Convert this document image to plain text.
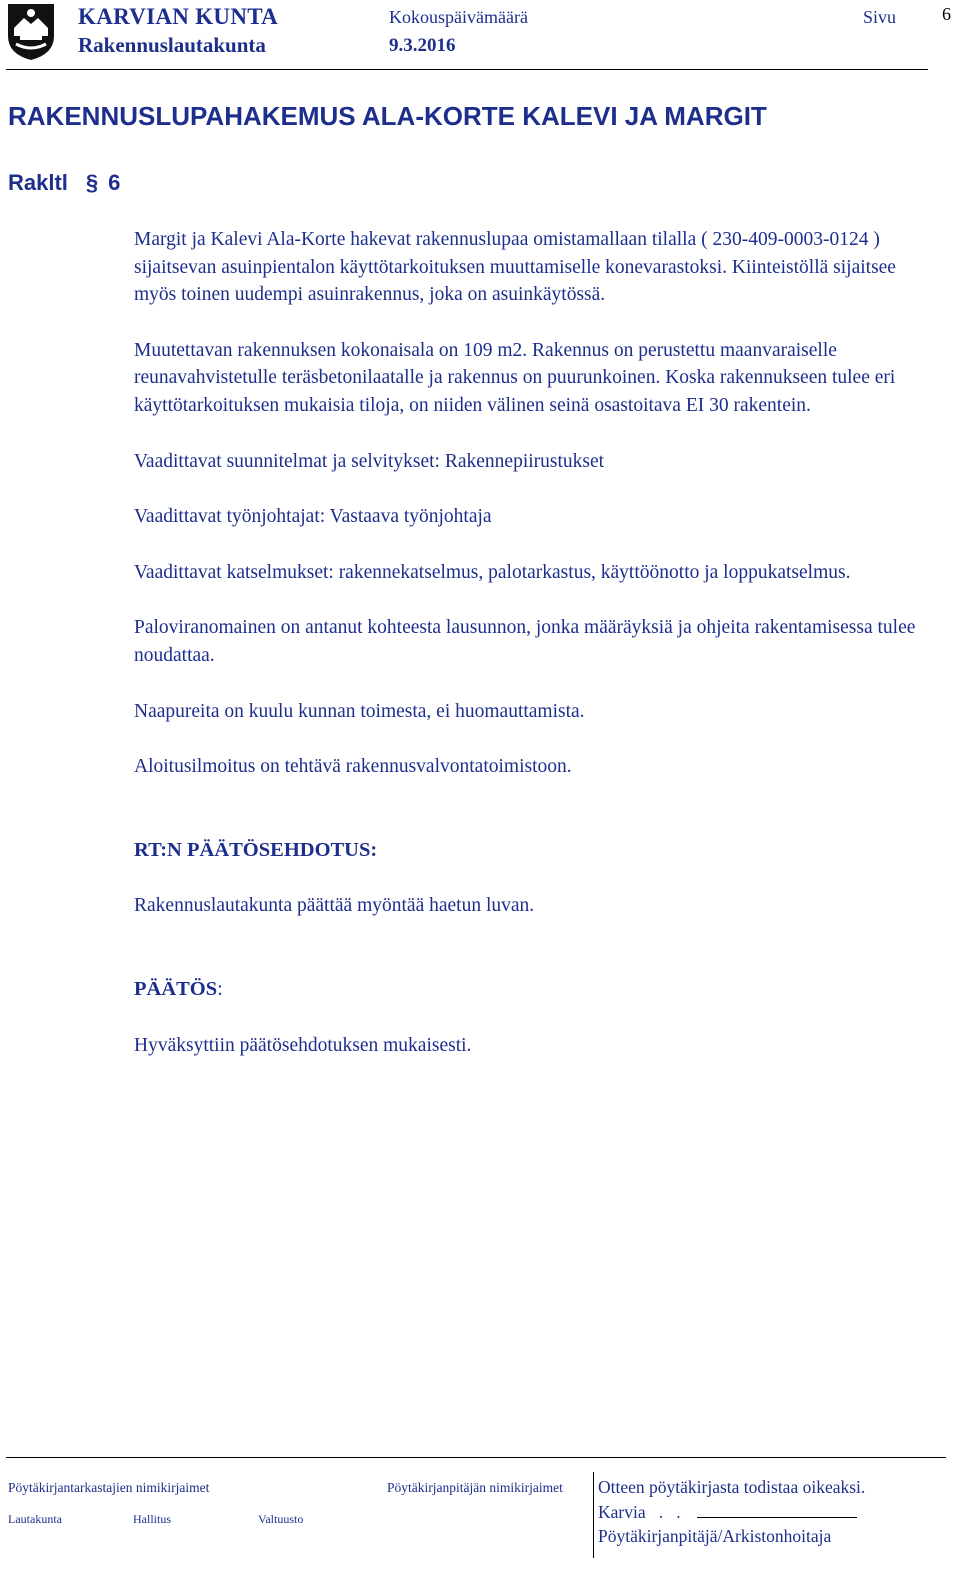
KARVIAN KUNTA
Rakennuslautakunta
Kokouspäivämäärä
9.3.2016
Sivu	6
RAKENNUSLUPAHAKEMUS ALA-KORTE KALEVI JA MARGIT
Rakltl § 6

Margit ja Kalevi Ala-Korte hakevat rakennuslupaa omistamallaan tilalla ( 230-409-0003-0124 ) sijaitsevan asuinpientalon käyttötarkoituksen muuttamiselle konevarastoksi. Kiinteistöllä sijaitsee myös toinen uudempi asuinrakennus, joka on asuinkäytössä.

Muutettavan rakennuksen kokonaisala on 109 m2. Rakennus on perustettu maanvaraiselle reunavahvistetulle teräsbetonilaatalle ja rakennus on puurunkoinen. Koska rakennukseen tulee eri käyttötarkoituksen mukaisia tiloja, on niiden välinen seinä osastoitava EI 30 rakentein.

Vaadittavat suunnitelmat ja selvitykset: Rakennepiirustukset

Vaadittavat työnjohtajat: Vastaava työnjohtaja

Vaadittavat katselmukset: rakennekatselmus, palotarkastus, käyttöönotto ja loppukatselmus.

Paloviranomainen on antanut kohteesta lausunnon, jonka määräyksiä ja ohjeita rakentamisessa tulee noudattaa.

Naapureita on kuulu kunnan toimesta, ei huomauttamista.

Aloitusilmoitus on tehtävä rakennusvalvontatoimistoon.

RT:N PÄÄTÖSEHDOTUS:

Rakennuslautakunta päättää myöntää haetun luvan.

PÄÄTÖS:

Hyväksyttiin päätösehdotuksen mukaisesti.

Pöytäkirjantarkastajien nimikirjaimet	Pöytäkirjanpitäjän nimikirjaimet
Lautakunta	Hallitus	Valtuusto
Otteen pöytäkirjasta todistaa oikeaksi.
Karvia   .   .
Pöytäkirjanpitäjä/Arkistonhoitaja
